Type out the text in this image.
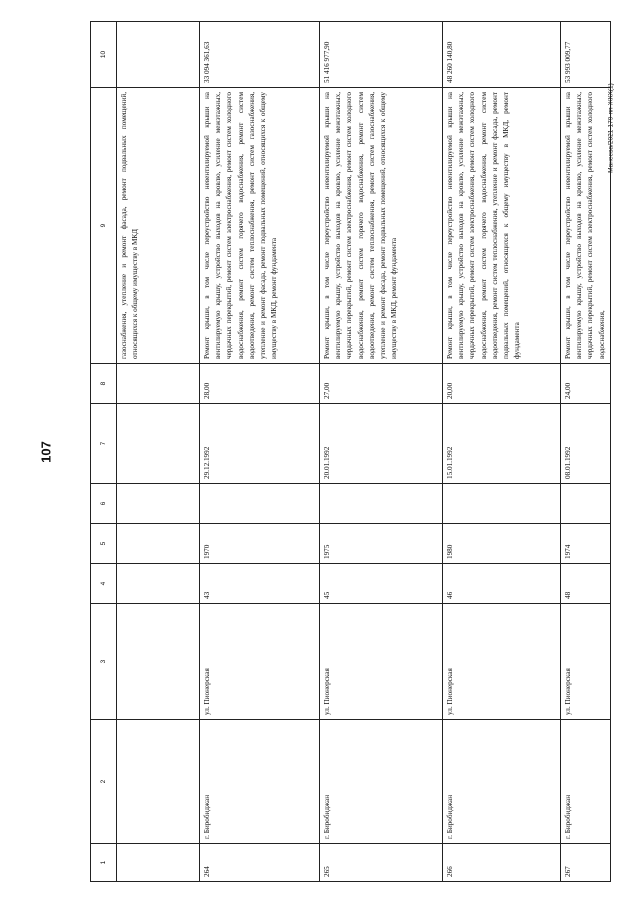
107
Манеева/2021-179-пп-ЖКХ(1)
1	2	3	4	5	6	7	8	9	10
								газоснабжения, утепление и ремонт фасада, ремонт подвальных помещений, относящихся к общему имуществу в МКД	
264	г. Биробиджан	ул. Пионерская	43	1970		29.12.1992	28,00	Ремонт крыши, в том числе переустройство невентилируемой крыши на вентилируемую крышу, устройство выходов на кровлю, усиление межэтажных, чердачных перекрытий, ремонт систем электроснабжения, ремонт систем холодного водоснабжения, ремонт систем горячего водоснабжения, ремонт систем водоотведения, ремонт систем теплоснабжения, ремонт систем газоснабжения, утепление и ремонт фасада, ремонт подвальных помещений, относящихся к общему имуществу в МКД, ремонт фундамента	33 094 361,63
265	г. Биробиджан	ул. Пионерская	45	1975		20.01.1992	27,00	Ремонт крыши, в том числе переустройство невентилируемой крыши на вентилируемую крышу, устройство выходов на кровлю, усиление межэтажных, чердачных перекрытий, ремонт систем электроснабжения, ремонт систем холодного водоснабжения, ремонт систем горячего водоснабжения, ремонт систем водоотведения, ремонт систем теплоснабжения, ремонт систем газоснабжения, утепление и ремонт фасада, ремонт подвальных помещений, относящихся к общему имуществу в МКД, ремонт фундамента	51 416 977,90
266	г. Биробиджан	ул. Пионерская	46	1980		15.01.1992	20,00	Ремонт крыши, в том числе переустройство невентилируемой крыши на вентилируемую крышу, устройство выходов на кровлю, усиление межэтажных, чердачных перекрытий, ремонт систем электроснабжения, ремонт систем холодного водоснабжения, ремонт систем горячего водоснабжения, ремонт систем водоотведения, ремонт систем теплоснабжения, утепление и ремонт фасада, ремонт подвальных помещений, относящихся к общему имуществу в МКД, ремонт фундамента	48 260 140,80
267	г. Биробиджан	ул. Пионерская	48	1974		08.01.1992	24,00	Ремонт крыши, в том числе переустройство невентилируемой крыши на вентилируемую крышу, устройство выходов на кровлю, усиление межэтажных, чердачных перекрытий, ремонт систем электроснабжения, ремонт систем холодного водоснабжения,	53 993 009,77
